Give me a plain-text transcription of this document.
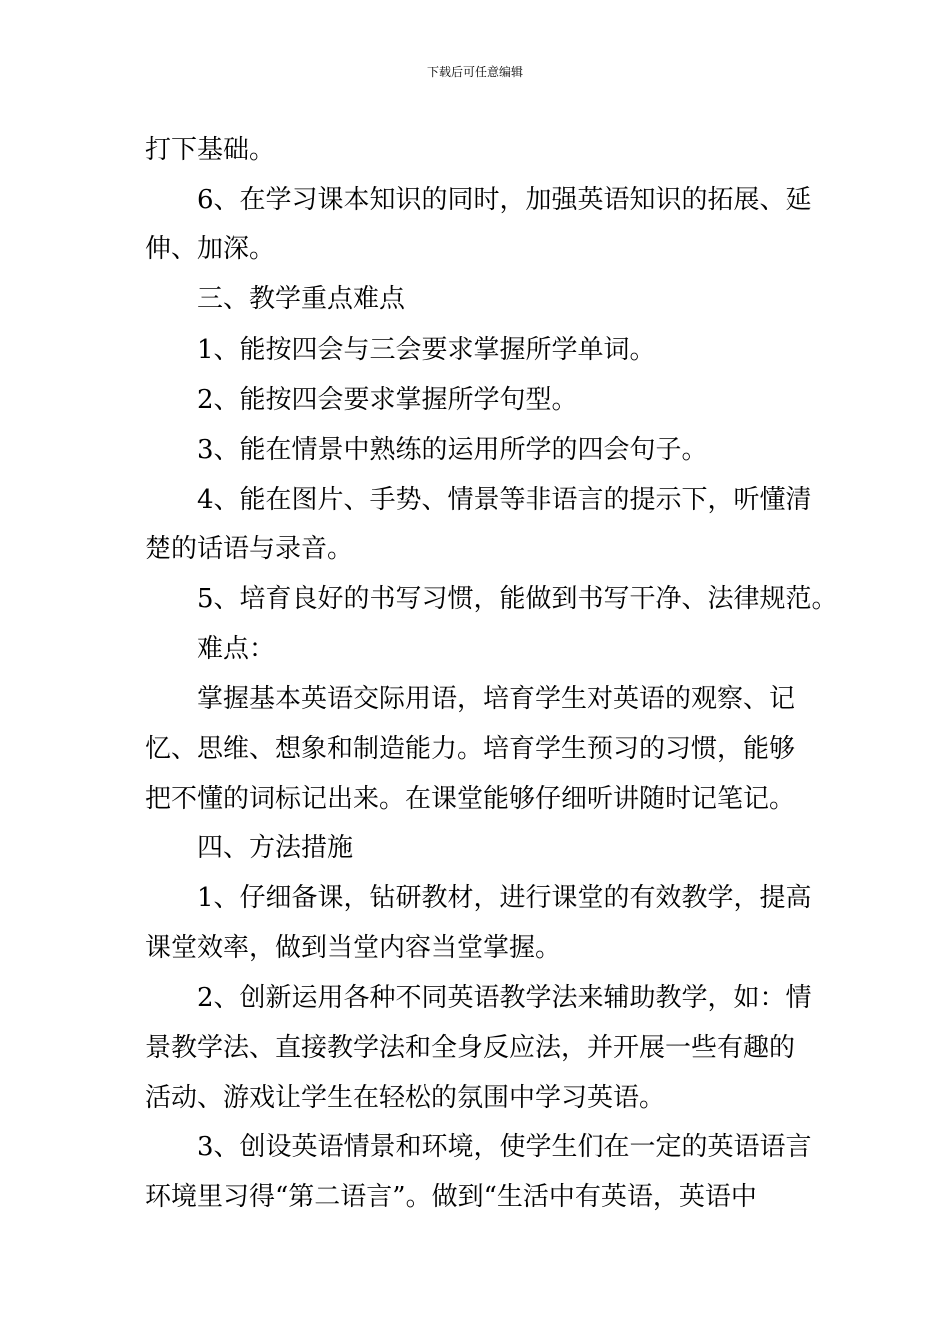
下载后可任意编辑
打下基础。
　　6、在学习课本知识的同时，加强英语知识的拓展、延
伸、加深。
　　三、教学重点难点
　　1、能按四会与三会要求掌握所学单词。
　　2、能按四会要求掌握所学句型。
　　3、能在情景中熟练的运用所学的四会句子。
　　4、能在图片、手势、情景等非语言的提示下，听懂清
楚的话语与录音。
　　5、培育良好的书写习惯，能做到书写干净、法律规范。
　　难点：
　　掌握基本英语交际用语，培育学生对英语的观察、记
忆、思维、想象和制造能力。培育学生预习的习惯，能够
把不懂的词标记出来。在课堂能够仔细听讲随时记笔记。
　　四、方法措施
　　1、仔细备课，钻研教材，进行课堂的有效教学，提高
课堂效率，做到当堂内容当堂掌握。
　　2、创新运用各种不同英语教学法来辅助教学，如：情
景教学法、直接教学法和全身反应法，并开展一些有趣的
活动、游戏让学生在轻松的氛围中学习英语。
　　3、创设英语情景和环境，使学生们在一定的英语语言
环境里习得“第二语言”。做到“生活中有英语，英语中
